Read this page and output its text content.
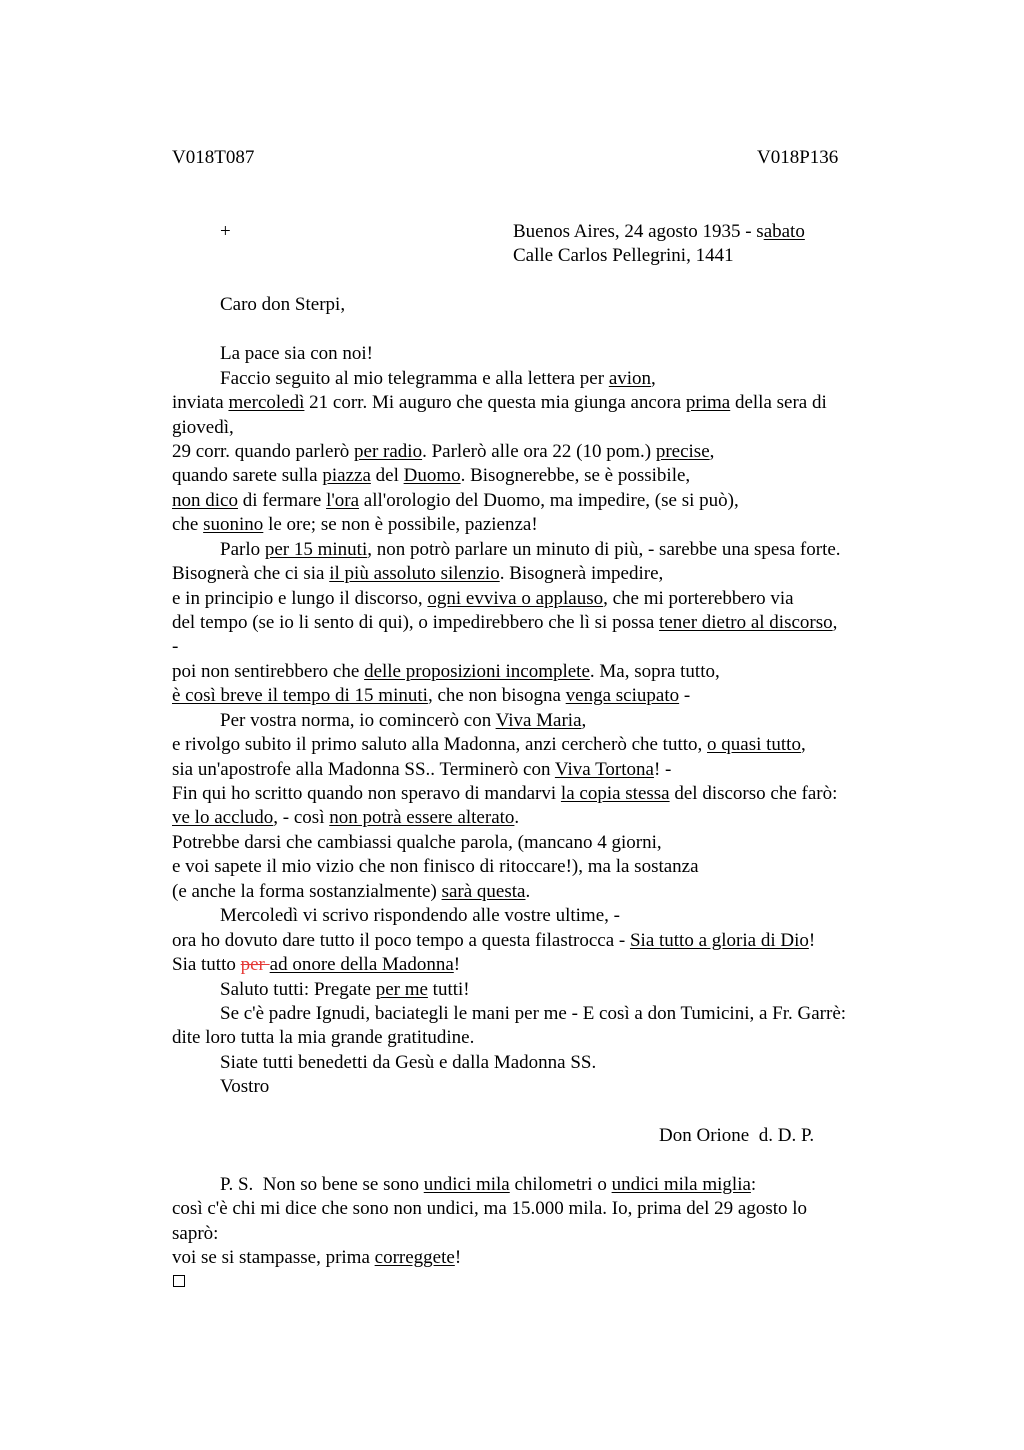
V018T087	V018P136
+	Buenos Aires, 24 agosto 1935 - sabato
Calle Carlos Pellegrini, 1441
Caro don Sterpi,
La pace sia con noi!
Faccio seguito al mio telegramma e alla lettera per avion,
inviata mercoledì 21 corr. Mi auguro che questa mia giunga ancora prima della sera di
giovedì,
29 corr. quando parlerò per radio. Parlerò alle ora 22 (10 pom.) precise,
quando sarete sulla piazza del Duomo. Bisognerebbe, se è possibile,
non dico di fermare l'ora all'orologio del Duomo, ma impedire, (se si può),
che suonino le ore; se non è possibile, pazienza!
Parlo per 15 minuti, non potrò parlare un minuto di più, - sarebbe una spesa forte.
Bisognerà che ci sia il più assoluto silenzio. Bisognerà impedire,
e in principio e lungo il discorso, ogni evviva o applauso, che mi porterebbero via
del tempo (se io li sento di qui), o impedirebbero che lì si possa tener dietro al discorso,
-
poi non sentirebbero che delle proposizioni incomplete. Ma, sopra tutto,
è così breve il tempo di 15 minuti, che non bisogna venga sciupato -
Per vostra norma, io comincerò con Viva Maria,
e rivolgo subito il primo saluto alla Madonna, anzi cercherò che tutto, o quasi tutto,
sia un'apostrofe alla Madonna SS.. Terminerò con Viva Tortona! -
Fin qui ho scritto quando non speravo di mandarvi la copia stessa del discorso che farò:
ve lo accludo, - così non potrà essere alterato.
Potrebbe darsi che cambiassi qualche parola, (mancano 4 giorni,
e voi sapete il mio vizio che non finisco di ritoccare!), ma la sostanza
(e anche la forma sostanzialmente) sarà questa.
Mercoledì vi scrivo rispondendo alle vostre ultime, -
ora ho dovuto dare tutto il poco tempo a questa filastrocca - Sia tutto a gloria di Dio!
Sia tutto per ad onore della Madonna!
Saluto tutti: Pregate per me tutti!
Se c'è padre Ignudi, baciategli le mani per me - E così a don Tumicini, a Fr. Garrè:
dite loro tutta la mia grande gratitudine.
Siate tutti benedetti da Gesù e dalla Madonna SS.
Vostro
Don Orione  d. D. P.
P. S.  Non so bene se sono undici mila chilometri o undici mila miglia:
così c'è chi mi dice che sono non undici, ma 15.000 mila. Io, prima del 29 agosto lo
saprò:
voi se si stampasse, prima correggete!
